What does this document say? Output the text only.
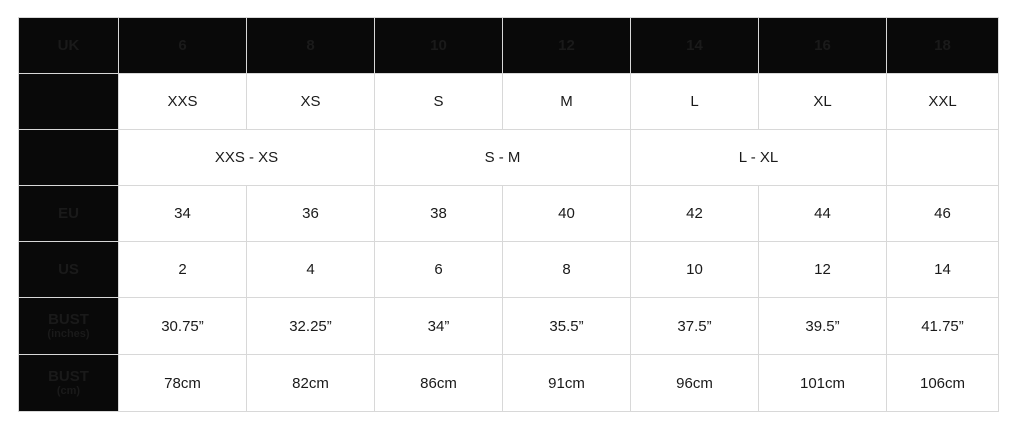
UK	6	8	10	12	14	16	18
	XXS	XS	S	M	L	XL	XXL
	XXS - XS		S - M		L - XL		

EU	34	36	38	40	42	44	46

US	2	4	6	8	10	12	14

BUST
(inches)	30.75”	32.25”	34”	35.5”	37.5”	39.5”	41.75”

BUST
(cm)	78cm	82cm	86cm	91cm	96cm	101cm	106cm
